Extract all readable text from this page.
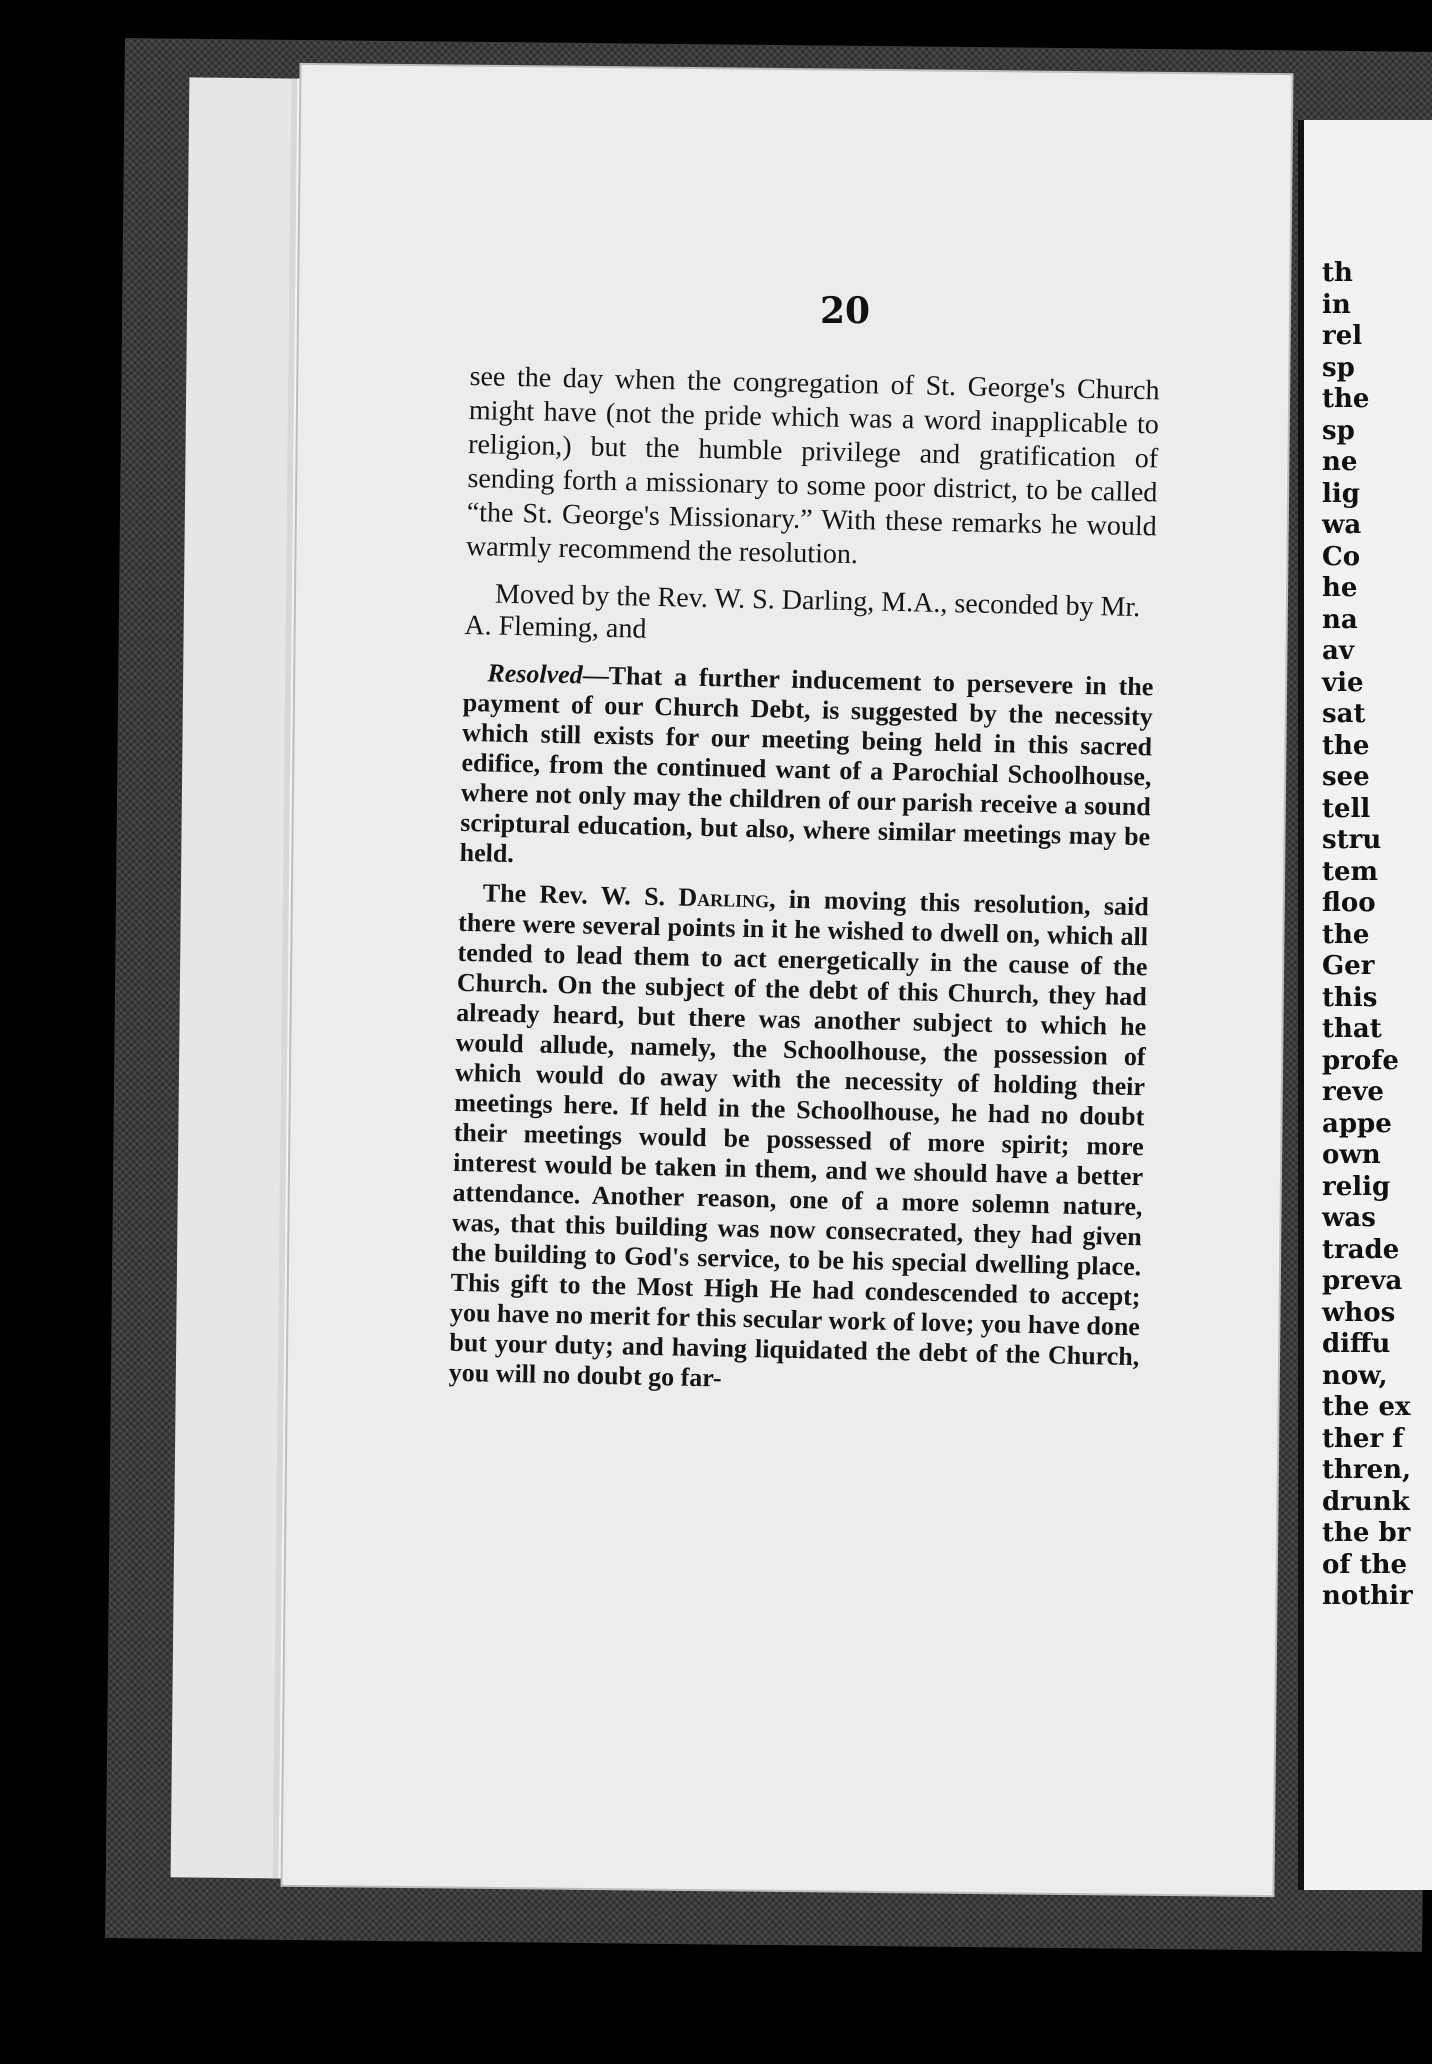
20

see the day when the congregation of St. George's Church might have (not the pride which was a word inapplicable to religion,) but the humble privilege and gratification of sending forth a missionary to some poor district, to be called “the St. George's Missionary.” With these remarks he would warmly recommend the resolution.

Moved by the Rev. W. S. Darling, M.A., seconded by Mr. A. Fleming, and

Resolved—That a further inducement to persevere in the payment of our Church Debt, is suggested by the necessity which still exists for our meeting being held in this sacred edifice, from the continued want of a Parochial Schoolhouse, where not only may the children of our parish receive a sound scriptural education, but also, where similar meetings may be held.

The Rev. W. S. Darling, in moving this resolution, said there were several points in it he wished to dwell on, which all tended to lead them to act energetically in the cause of the Church. On the subject of the debt of this Church, they had already heard, but there was another subject to which he would allude, namely, the Schoolhouse, the possession of which would do away with the necessity of holding their meetings here. If held in the Schoolhouse, he had no doubt their meetings would be possessed of more spirit; more interest would be taken in them, and we should have a better attendance. Another reason, one of a more solemn nature, was, that this building was now consecrated, they had given the building to God's service, to be his special dwelling place. This gift to the Most High He had condescended to accept; you have no merit for this secular work of love; you have done but your duty; and having liquidated the debt of the Church, you will no doubt go far-

th
in
rel
sp
the
sp
ne
lig
wa
Co
he
na
av
vie
sat
the
see
tell
stru
tem
floo
the
Ger
this
that
profe
reve
appe
own
relig
was
trade
preva
whos
diffu
now,
the ex
ther f
thren,
drunk
the br
of the
nothir
